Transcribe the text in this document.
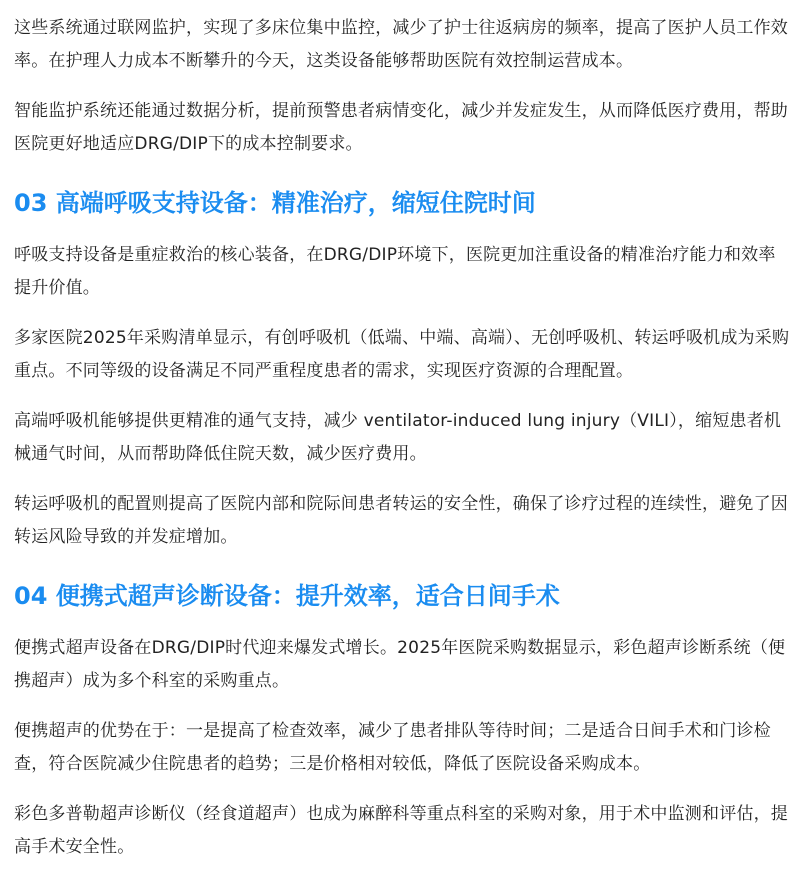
这些系统通过联网监护，实现了多床位集中监控，减少了护士往返病房的频率，提高了医护人员工作效率。在护理人力成本不断攀升的今天，这类设备能够帮助医院有效控制运营成本。

智能监护系统还能通过数据分析，提前预警患者病情变化，减少并发症发生，从而降低医疗费用，帮助医院更好地适应DRG/DIP下的成本控制要求。

03 高端呼吸支持设备：精准治疗，缩短住院时间

呼吸支持设备是重症救治的核心装备，在DRG/DIP环境下，医院更加注重设备的精准治疗能力和效率提升价值。

多家医院2025年采购清单显示，有创呼吸机（低端、中端、高端）、无创呼吸机、转运呼吸机成为采购重点。不同等级的设备满足不同严重程度患者的需求，实现医疗资源的合理配置。

高端呼吸机能够提供更精准的通气支持，减少 ventilator-induced lung injury（VILI），缩短患者机械通气时间，从而帮助降低住院天数，减少医疗费用。

转运呼吸机的配置则提高了医院内部和院际间患者转运的安全性，确保了诊疗过程的连续性，避免了因转运风险导致的并发症增加。

04 便携式超声诊断设备：提升效率，适合日间手术

便携式超声设备在DRG/DIP时代迎来爆发式增长。2025年医院采购数据显示，彩色超声诊断系统（便携超声）成为多个科室的采购重点。

便携超声的优势在于：一是提高了检查效率，减少了患者排队等待时间；二是适合日间手术和门诊检查，符合医院减少住院患者的趋势；三是价格相对较低，降低了医院设备采购成本。

彩色多普勒超声诊断仪（经食道超声）也成为麻醉科等重点科室的采购对象，用于术中监测和评估，提高手术安全性。
